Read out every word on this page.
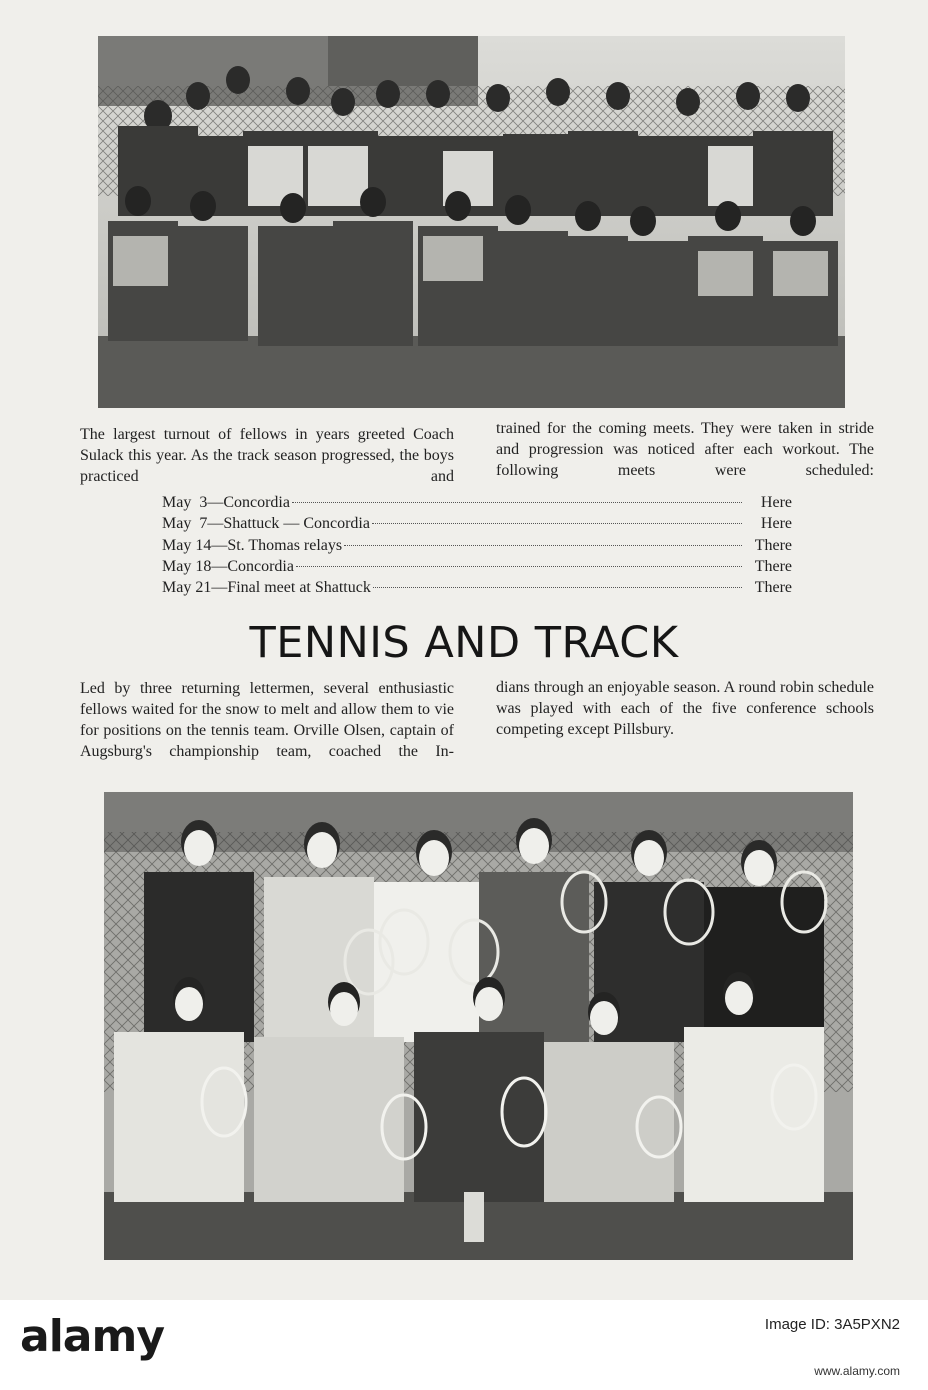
The largest turnout of fellows in years greeted Coach Sulack this year. As the track season progressed, the boys practiced and

trained for the coming meets. They were taken in stride and progression was noticed after each workout. The following meets were scheduled:

May  3—Concordia	Here
May  7—Shattuck — Concordia	Here
May 14—St. Thomas relays	There
May 18—Concordia	There
May 21—Final meet at Shattuck	There
TENNIS AND TRACK

Led by three returning lettermen, several enthusiastic fellows waited for the snow to melt and allow them to vie for positions on the tennis team. Orville Olsen, captain of Augsburg's championship team, coached the In-

dians through an enjoyable season. A round robin schedule was played with each of the five conference schools competing except Pillsbury.

alamy	Image ID: 3A5PXN2
www.alamy.com
